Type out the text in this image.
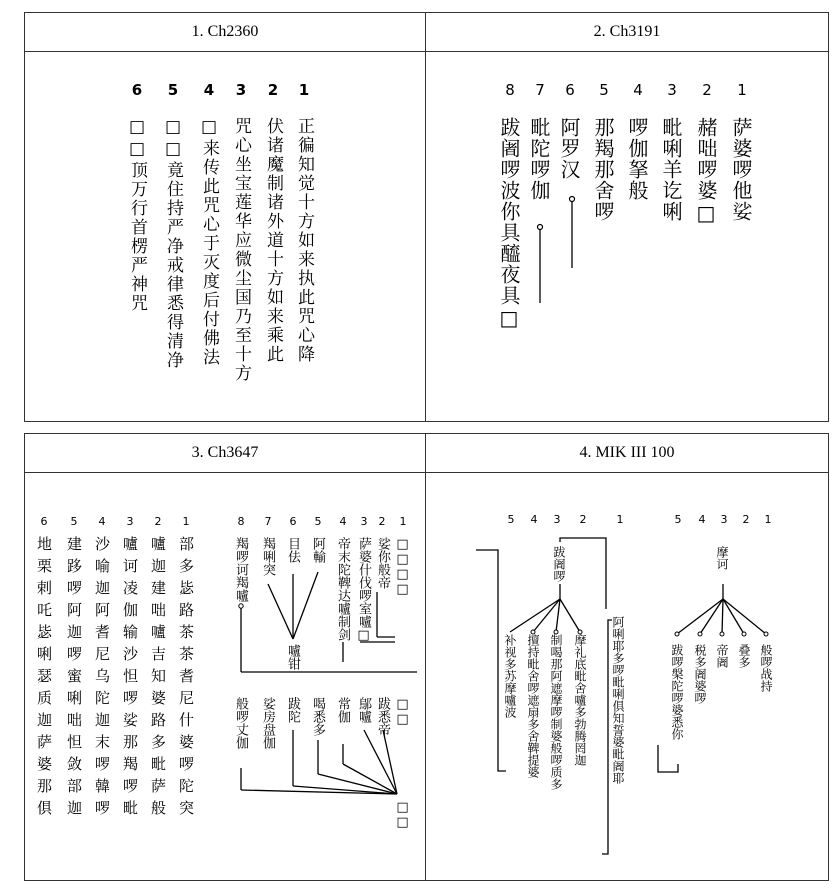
1. Ch2360
6 5 4 3 2 1
□□顶万行首楞严神咒 □□竟住持严净戒律悉得清净 □来传此咒心于灭度后付佛法 咒心坐宝莲华应微尘国乃至十方 伏诸魔制诸外道十方如来乘此 正徧知觉十方如来执此咒心降
2. Ch3191
8 7 6 5 4 3 2 1
跋阇啰波你具醯夜具□ 毗陀啰伽 阿罗汉 那羯那舍啰 啰伽拏般 毗唎羊讫唎 赭咄啰婆□ 萨婆啰他娑
3. Ch3647
6 5 4 3 2 1
地栗剌吒毖唎瑟质迦萨婆那俱 建跢啰阿迦啰蜜唎咄怛敛部迦 沙喻迦阿耆尼乌陀迦末啰韓啰 嚧诃凌伽输沙怛啰娑那羯啰毗 嚧迦建咄嚧吉知婆路多毗萨般 部多毖路茶茶耆尼什婆啰陀突
8 7 6 5 4 3 2 1
羯啰诃羯嚧 羯唎突 目佉 阿輸 帝末陀鞞达嚧制剑 萨婆什伐啰室嚧□ 娑你般帝 □□□□
嚧钳
般啰丈伽 娑房盘伽 跋陀 喝悉多 常伽 鄔嚧 跋悉帝 □□
□□
4. MIK III 100
5 4 3 2	1	5 4 3 2 1
跋阇啰	摩诃
补视多苏摩嚧波 擅持毗舍啰遮扇多舍鞞提婆 制喝那阿遮摩啰制婆般啰质多 摩礼底毗舍嚧多勃腾罔迦 阿唎耶多啰毗唎俱知誓婆毗阇耶	跋啰槃陀啰婆悉你 税多阇婆啰 帝阇 叠多 般啰战持
